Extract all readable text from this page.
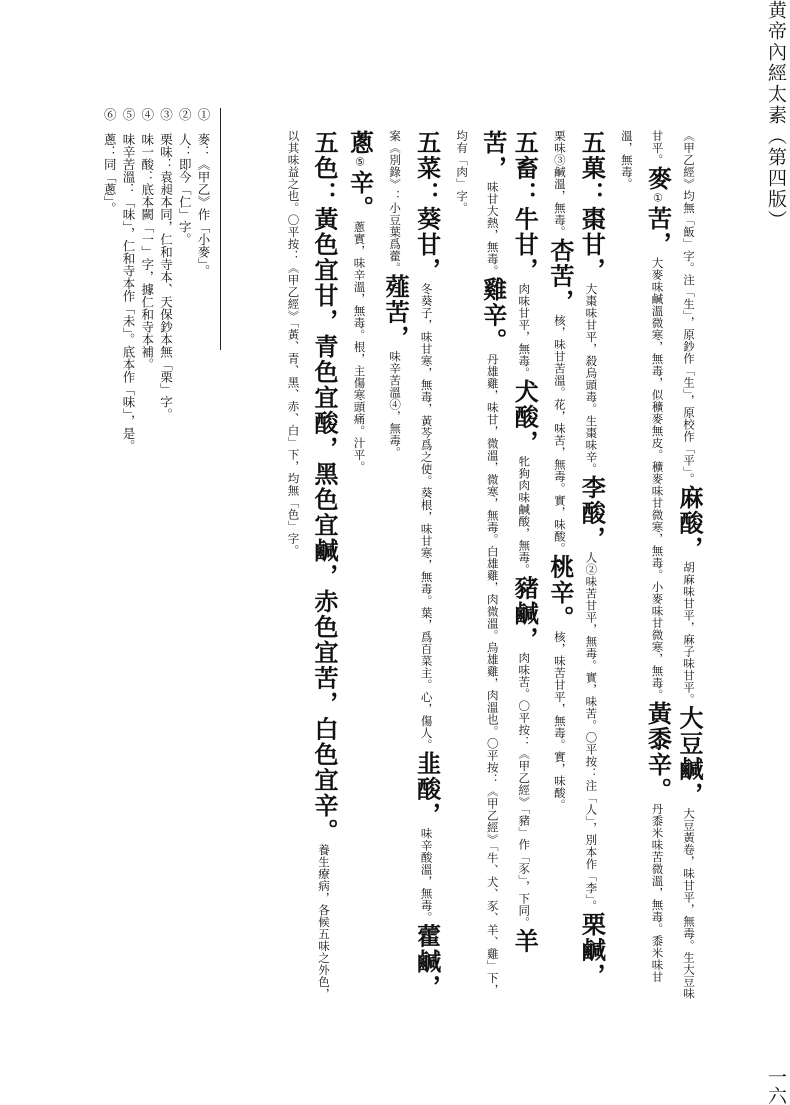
黄帝內經太素（第四版）
一六

《甲乙經》均無「飯」字。注「生」，原鈔作「生」，原校作「平」。麻酸，胡麻味甘平，麻子味甘平。大豆鹹，大豆黃卷，味甘平，無毒。生大豆味甘平。麥①苦，大麥味鹹溫微寒，無毒，似穬麥無皮。穬麥味甘微寒，無毒。小麥味甘微寒，無毒。黃黍辛。丹黍米味苦微溫，無毒。黍米味甘溫，無毒。

五菓：棗甘，大棗味甘平，殺烏頭毒。生棗味辛。李酸，人②味苦甘平，無毒。實，味苦。〇平按：注「人」，別本作「李」。栗鹹，栗味③鹹溫，無毒。杏苦，核，味甘苦溫。花，味苦，無毒。實，味酸。桃辛。核，味苦甘平，無毒。實，味酸。

五畜：牛甘，肉味甘平，無毒。犬酸，牝狗肉味鹹酸，無毒。豬鹹，肉味苦。〇平按：《甲乙經》「豬」作「豕」，下同。羊苦，味甘大熱，無毒。雞辛。丹雄雞，味甘，微溫，微寒，無毒。白雄雞，肉微溫。烏雄雞，肉溫也。〇平按：《甲乙經》「牛、犬、豕、羊、雞」下，均有「肉」字。

五菜：葵甘，冬葵子，味甘寒，無毒，黃芩爲之使。葵根，味甘寒，無毒。葉，爲百菜主。心，傷人。韭酸，味辛酸溫，無毒。藿鹹，案《別錄》：小豆葉爲藿。薤苦，味辛苦溫④，無毒。

蔥⑤辛。蔥實，味辛溫，無毒。根，主傷寒頭痛。汁平。

五色：黃色宜甘，青色宜酸，黑色宜鹹，赤色宜苦，白色宜辛。養生療病，各候五味之外色，以其味益之也。〇平按：《甲乙經》「黃、青、黑、赤、白」下，均無「色」字。

①　麥：《甲乙》作「小麥」。

②　人：即今「仁」字。

③　栗味：袁昶本同，仁和寺本、天保鈔本無「栗」字。

④　味一酸：底本闕「一」字，據仁和寺本補。

⑤　味辛苦溫：「味」，仁和寺本作「未」。底本作「味」，是。

⑥　蔥：同「蔥」。
